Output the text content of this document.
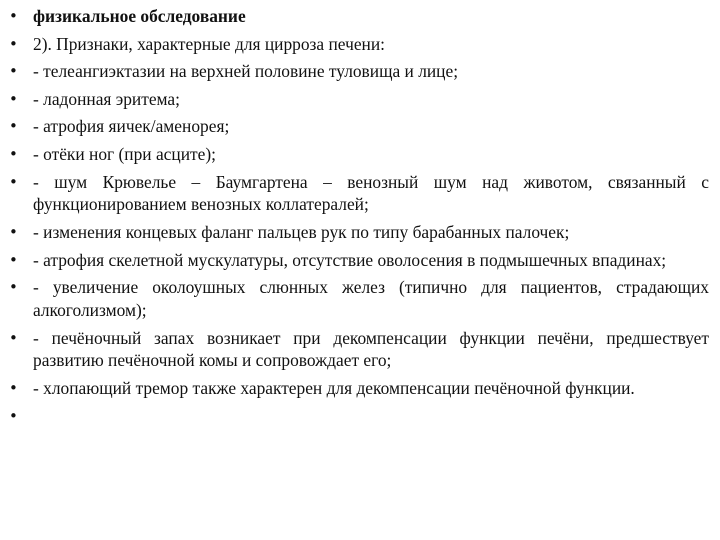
• физикальное обследование
• 2). Признаки, характерные для цирроза печени:
• - телеангиэктазии на верхней половине туловища и лице;
• - ладонная эритема;
• - атрофия яичек/аменорея;
• - отёки ног (при асците);
• - шум Крювелье – Баумгартена – венозный шум над животом, связанный с функционированием венозных коллатералей;
• - изменения концевых фаланг пальцев рук по типу барабанных палочек;
• - атрофия скелетной мускулатуры, отсутствие оволосения в подмышечных впадинах;
• - увеличение околоушных слюнных желез (типично для пациентов, страдающих алкоголизмом);
• - печёночный запах возникает при декомпенсации функции печёни, предшествует развитию печёночной комы и сопровождает его;
• - хлопающий тремор также характерен для декомпенсации печёночной функции.
•
